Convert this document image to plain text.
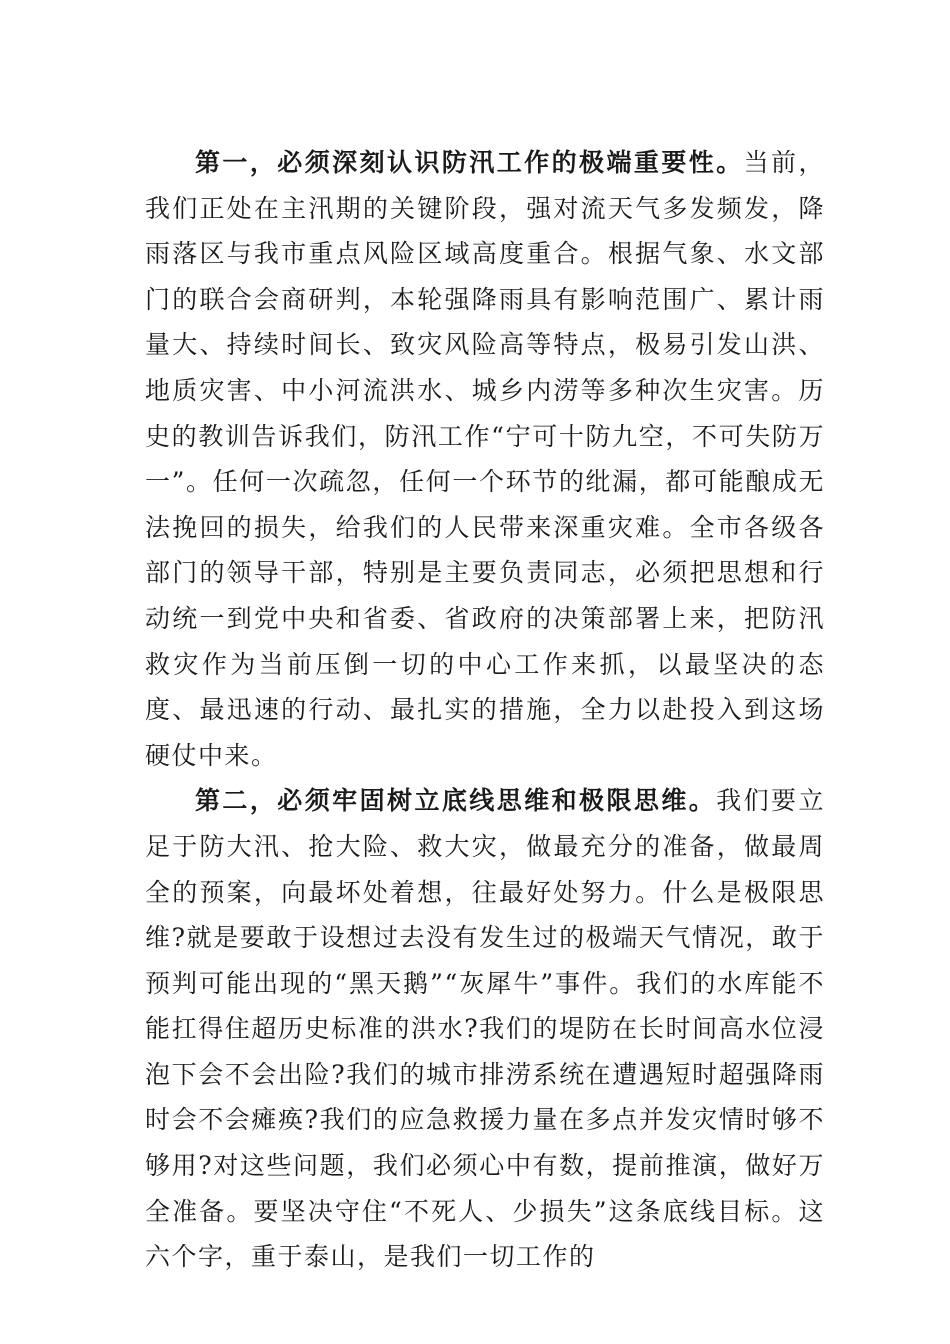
第一，必须深刻认识防汛工作的极端重要性。当前，我们正处在主汛期的关键阶段，强对流天气多发频发，降雨落区与我市重点风险区域高度重合。根据气象、水文部门的联合会商研判，本轮强降雨具有影响范围广、累计雨量大、持续时间长、致灾风险高等特点，极易引发山洪、地质灾害、中小河流洪水、城乡内涝等多种次生灾害。历史的教训告诉我们，防汛工作“宁可十防九空，不可失防万一”。任何一次疏忽，任何一个环节的纰漏，都可能酿成无法挽回的损失，给我们的人民带来深重灾难。全市各级各部门的领导干部，特别是主要负责同志，必须把思想和行动统一到党中央和省委、省政府的决策部署上来，把防汛救灾作为当前压倒一切的中心工作来抓，以最坚决的态度、最迅速的行动、最扎实的措施，全力以赴投入到这场硬仗中来。

第二，必须牢固树立底线思维和极限思维。我们要立足于防大汛、抢大险、救大灾，做最充分的准备，做最周全的预案，向最坏处着想，往最好处努力。什么是极限思维?就是要敢于设想过去没有发生过的极端天气情况，敢于预判可能出现的“黑天鹅”“灰犀牛”事件。我们的水库能不能扛得住超历史标准的洪水?我们的堤防在长时间高水位浸泡下会不会出险?我们的城市排涝系统在遭遇短时超强降雨时会不会瘫痪?我们的应急救援力量在多点并发灾情时够不够用?对这些问题，我们必须心中有数，提前推演，做好万全准备。要坚决守住“不死人、少损失”这条底线目标。这六个字，重于泰山，是我们一切工作的
